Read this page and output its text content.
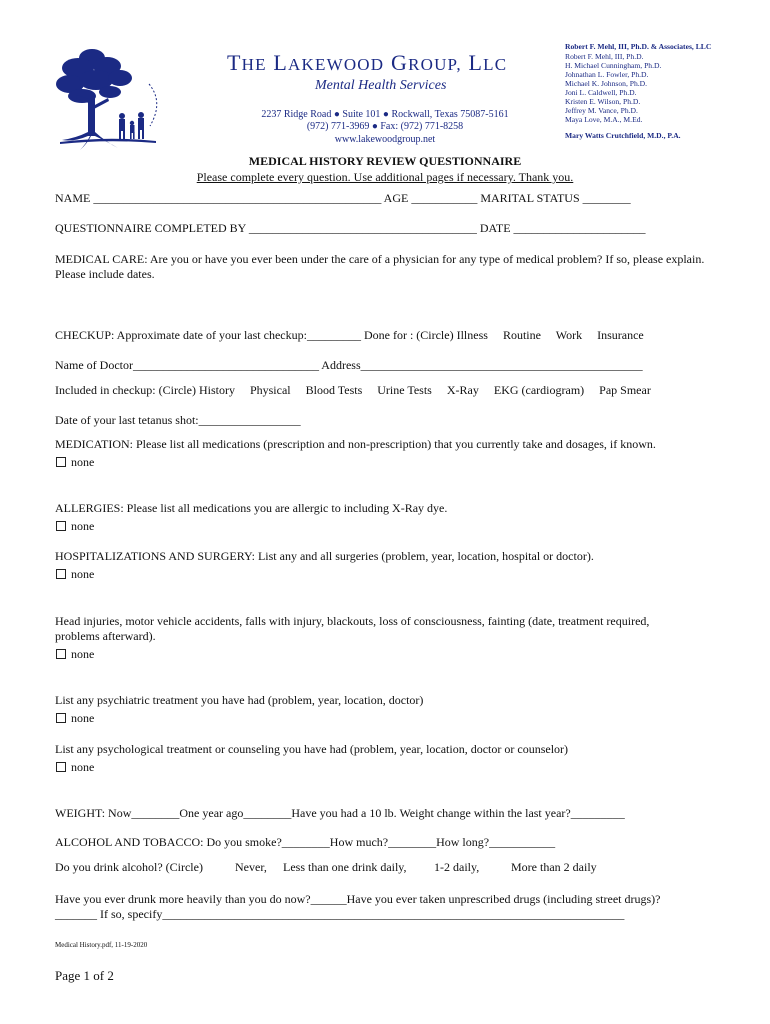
THE LAKEWOOD GROUP, LLC
Mental Health Services
2237 Ridge Road ● Suite 101 ● Rockwall, Texas 75087-5161
(972) 771-3969 ● Fax: (972) 771-8258
www.lakewoodgroup.net
Robert F. Mehl, III, Ph.D. & Associates, LLC
Robert F. Mehl, III, Ph.D.
H. Michael Cunningham, Ph.D.
Johnathan L. Fowler, Ph.D.
Michael K. Johnson, Ph.D.
Joni L. Caldwell, Ph.D.
Kristen E. Wilson, Ph.D.
Jeffrey M. Vance, Ph.D.
Maya Love, M.A., M.Ed.
Mary Watts Crutchfield, M.D., P.A.
MEDICAL HISTORY REVIEW QUESTIONNAIRE
Please complete every question. Use additional pages if necessary. Thank you.
NAME ________________________________________________ AGE ___________ MARITAL STATUS ________
QUESTIONNAIRE COMPLETED BY ______________________________________ DATE ______________________
MEDICAL CARE: Are you or have you ever been under the care of a physician for any type of medical problem? If so, please explain. Please include dates.
CHECKUP: Approximate date of your last checkup:_________ Done for : (Circle) Illness Routine Work Insurance
Name of Doctor_______________________________ Address_______________________________________________
Included in checkup: (Circle) History Physical Blood Tests Urine Tests X-Ray EKG (cardiogram) Pap Smear
Date of your last tetanus shot:_________________
MEDICATION: Please list all medications (prescription and non-prescription) that you currently take and dosages, if known.
none
ALLERGIES: Please list all medications you are allergic to including X-Ray dye.
none
HOSPITALIZATIONS AND SURGERY: List any and all surgeries (problem, year, location, hospital or doctor).
none
Head injuries, motor vehicle accidents, falls with injury, blackouts, loss of consciousness, fainting (date, treatment required, problems afterward).
none
List any psychiatric treatment you have had (problem, year, location, doctor)
none
List any psychological treatment or counseling you have had (problem, year, location, doctor or counselor)
none
WEIGHT: Now________One year ago________Have you had a 10 lb. Weight change within the last year?_________
ALCOHOL AND TOBACCO: Do you smoke?________How much?________How long?___________
Do you drink alcohol? (Circle)	Never, Less than one drink daily, 1-2 daily,	More than 2 daily
Have you ever drunk more heavily than you do now?______Have you ever taken unprescribed drugs (including street drugs)?_______ If so, specify_____________________________________________________________________________
Medical History.pdf, 11-19-2020
Page 1 of 2
